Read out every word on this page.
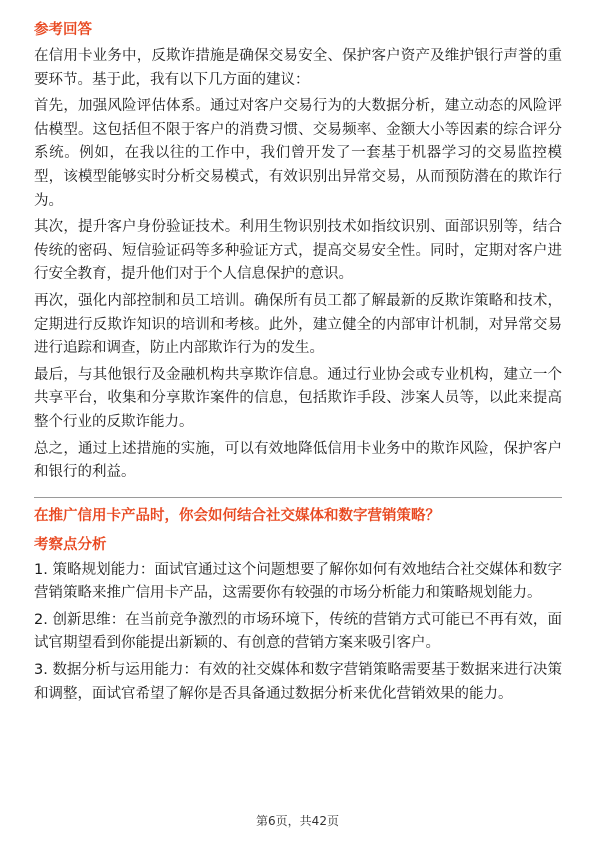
参考回答

在信用卡业务中，反欺诈措施是确保交易安全、保护客户资产及维护银行声誉的重要环节。基于此，我有以下几方面的建议：

首先，加强风险评估体系。通过对客户交易行为的大数据分析，建立动态的风险评估模型。这包括但不限于客户的消费习惯、交易频率、金额大小等因素的综合评分系统。例如，在我以往的工作中，我们曾开发了一套基于机器学习的交易监控模型，该模型能够实时分析交易模式，有效识别出异常交易，从而预防潜在的欺诈行为。

其次，提升客户身份验证技术。利用生物识别技术如指纹识别、面部识别等，结合传统的密码、短信验证码等多种验证方式，提高交易安全性。同时，定期对客户进行安全教育，提升他们对于个人信息保护的意识。

再次，强化内部控制和员工培训。确保所有员工都了解最新的反欺诈策略和技术，定期进行反欺诈知识的培训和考核。此外，建立健全的内部审计机制，对异常交易进行追踪和调查，防止内部欺诈行为的发生。

最后，与其他银行及金融机构共享欺诈信息。通过行业协会或专业机构，建立一个共享平台，收集和分享欺诈案件的信息，包括欺诈手段、涉案人员等，以此来提高整个行业的反欺诈能力。

总之，通过上述措施的实施，可以有效地降低信用卡业务中的欺诈风险，保护客户和银行的利益。

在推广信用卡产品时，你会如何结合社交媒体和数字营销策略？
考察点分析

1. 策略规划能力：面试官通过这个问题想要了解你如何有效地结合社交媒体和数字营销策略来推广信用卡产品，这需要你有较强的市场分析能力和策略规划能力。

2. 创新思维：在当前竞争激烈的市场环境下，传统的营销方式可能已不再有效，面试官期望看到你能提出新颖的、有创意的营销方案来吸引客户。

3. 数据分析与运用能力：有效的社交媒体和数字营销策略需要基于数据来进行决策和调整，面试官希望了解你是否具备通过数据分析来优化营销效果的能力。

第6页，共42页
